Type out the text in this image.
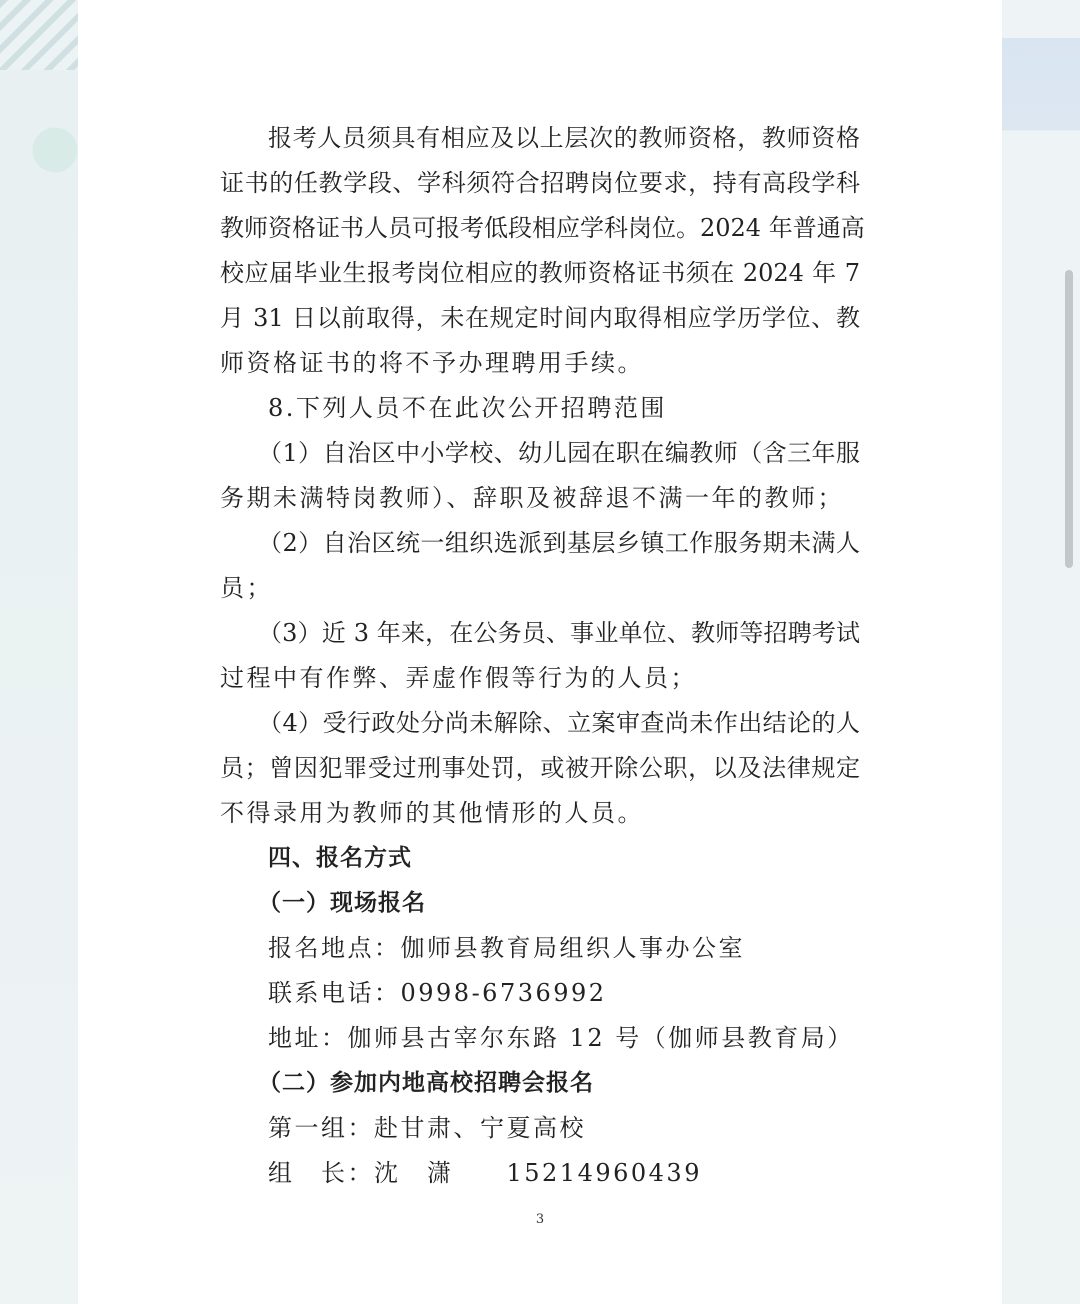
报考人员须具有相应及以上层次的教师资格，教师资格

证书的任教学段、学科须符合招聘岗位要求，持有高段学科

教师资格证书人员可报考低段相应学科岗位。2024 年普通高

校应届毕业生报考岗位相应的教师资格证书须在 2024 年 7

月 31 日以前取得，未在规定时间内取得相应学历学位、教

师资格证书的将不予办理聘用手续。

8.下列人员不在此次公开招聘范围

（1）自治区中小学校、幼儿园在职在编教师（含三年服

务期未满特岗教师）、辞职及被辞退不满一年的教师；

（2）自治区统一组织选派到基层乡镇工作服务期未满人

员；

（3）近 3 年来，在公务员、事业单位、教师等招聘考试

过程中有作弊、弄虚作假等行为的人员；

（4）受行政处分尚未解除、立案审查尚未作出结论的人

员；曾因犯罪受过刑事处罚，或被开除公职，以及法律规定

不得录用为教师的其他情形的人员。

四、报名方式

（一）现场报名

报名地点：伽师县教育局组织人事办公室

联系电话：0998-6736992

地址：伽师县古宰尔东路 12 号（伽师县教育局）

（二）参加内地高校招聘会报名

第一组：赴甘肃、宁夏高校

组　长：沈　潇　　15214960439

3
